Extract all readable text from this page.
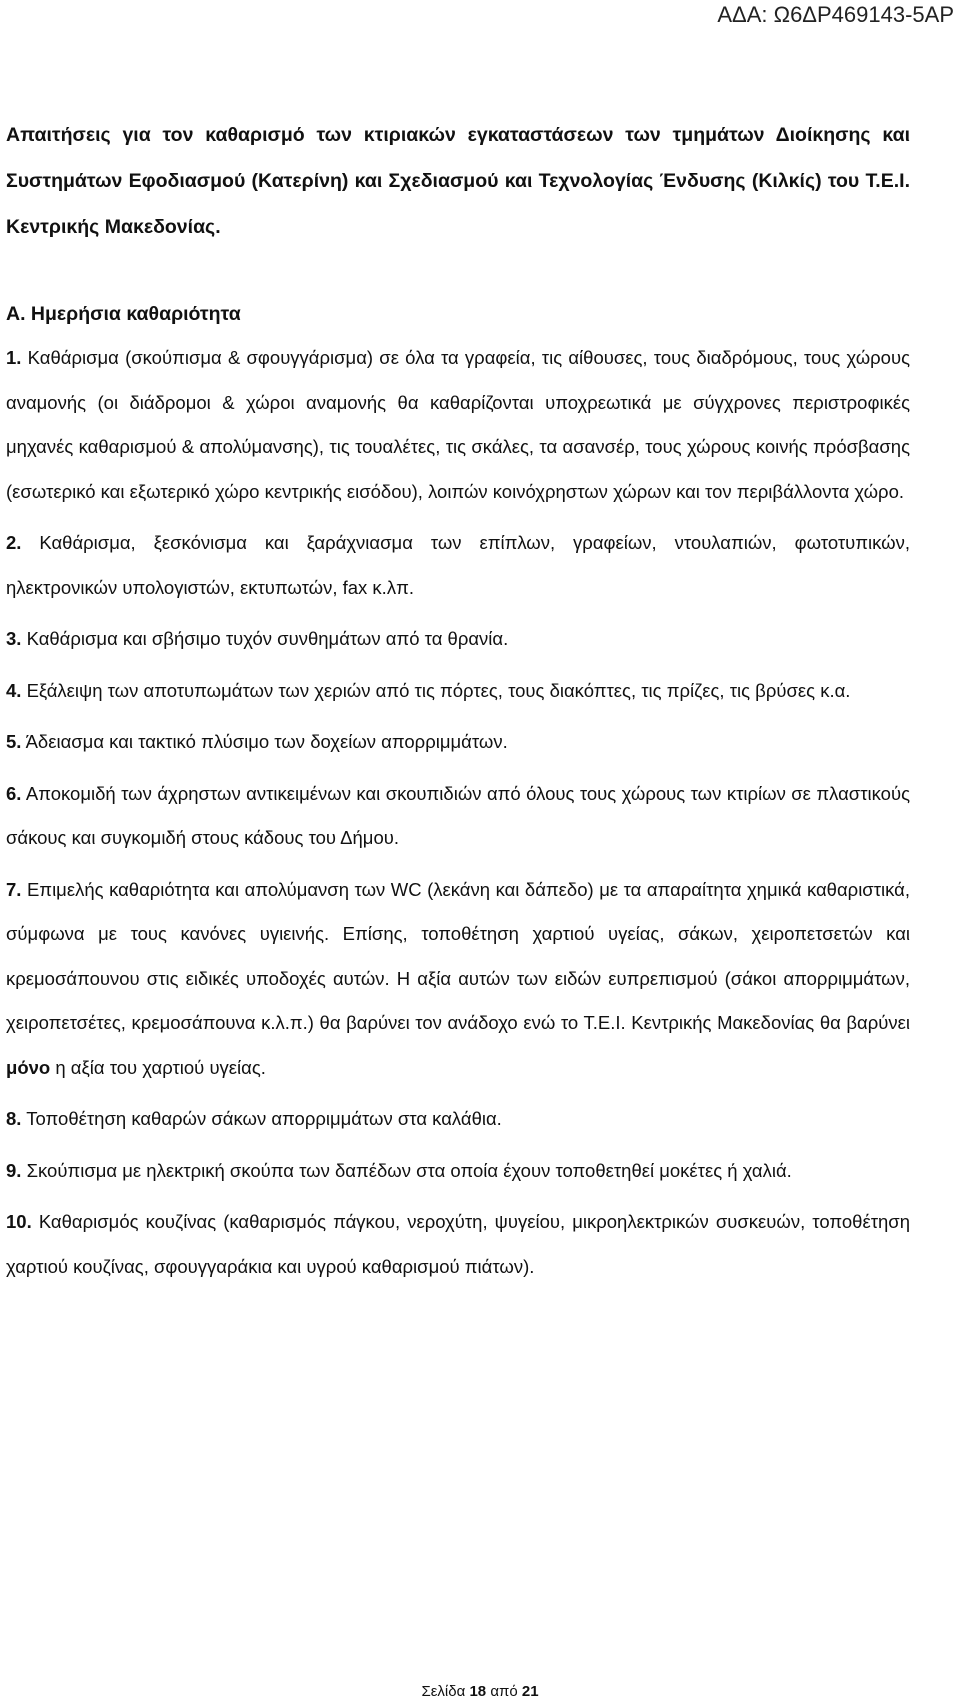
ΑΔΑ: Ω6ΔΡ469143-5ΑΡ

Απαιτήσεις για τον καθαρισμό των κτιριακών εγκαταστάσεων των τμημάτων Διοίκησης και Συστημάτων Εφοδιασμού (Κατερίνη) και Σχεδιασμού και Τεχνολογίας Ένδυσης (Κιλκίς) του Τ.Ε.Ι. Κεντρικής Μακεδονίας.

Α. Ημερήσια καθαριότητα

1. Καθάρισμα (σκούπισμα & σφουγγάρισμα) σε όλα τα γραφεία, τις αίθουσες, τους διαδρόμους, τους χώρους αναμονής (οι διάδρομοι & χώροι αναμονής θα καθαρίζονται υποχρεωτικά με σύγχρονες περιστροφικές μηχανές καθαρισμού & απολύμανσης), τις τουαλέτες, τις σκάλες, τα ασανσέρ, τους χώρους κοινής πρόσβασης (εσωτερικό και εξωτερικό χώρο κεντρικής εισόδου), λοιπών κοινόχρηστων χώρων και τον περιβάλλοντα χώρο.

2. Καθάρισμα, ξεσκόνισμα και ξαράχνιασμα των επίπλων, γραφείων, ντουλαπιών, φωτοτυπικών, ηλεκτρονικών υπολογιστών, εκτυπωτών, fax κ.λπ.

3. Καθάρισμα και σβήσιμο τυχόν συνθημάτων από τα θρανία.

4. Εξάλειψη των αποτυπωμάτων των χεριών από τις πόρτες, τους διακόπτες, τις πρίζες, τις βρύσες κ.α.

5. Άδειασμα και τακτικό πλύσιμο των δοχείων απορριμμάτων.

6. Αποκομιδή των άχρηστων αντικειμένων και σκουπιδιών από όλους τους χώρους των κτιρίων σε πλαστικούς σάκους και συγκομιδή στους κάδους του Δήμου.

7. Επιμελής καθαριότητα και απολύμανση των WC (λεκάνη και δάπεδο) με τα απαραίτητα χημικά καθαριστικά, σύμφωνα με τους κανόνες υγιεινής. Επίσης, τοποθέτηση χαρτιού υγείας, σάκων, χειροπετσετών και κρεμοσάπουνου στις ειδικές υποδοχές αυτών. Η αξία αυτών των ειδών ευπρεπισμού (σάκοι απορριμμάτων, χειροπετσέτες, κρεμοσάπουνα κ.λ.π.) θα βαρύνει τον ανάδοχο ενώ το Τ.Ε.Ι. Κεντρικής Μακεδονίας θα βαρύνει μόνο η αξία του χαρτιού υγείας.

8. Τοποθέτηση καθαρών σάκων απορριμμάτων στα καλάθια.

9. Σκούπισμα με ηλεκτρική σκούπα των δαπέδων στα οποία έχουν τοποθετηθεί μοκέτες ή χαλιά.

10. Καθαρισμός κουζίνας (καθαρισμός πάγκου, νεροχύτη, ψυγείου, μικροηλεκτρικών συσκευών, τοποθέτηση χαρτιού κουζίνας, σφουγγαράκια και υγρού καθαρισμού πιάτων).

Σελίδα 18 από 21
